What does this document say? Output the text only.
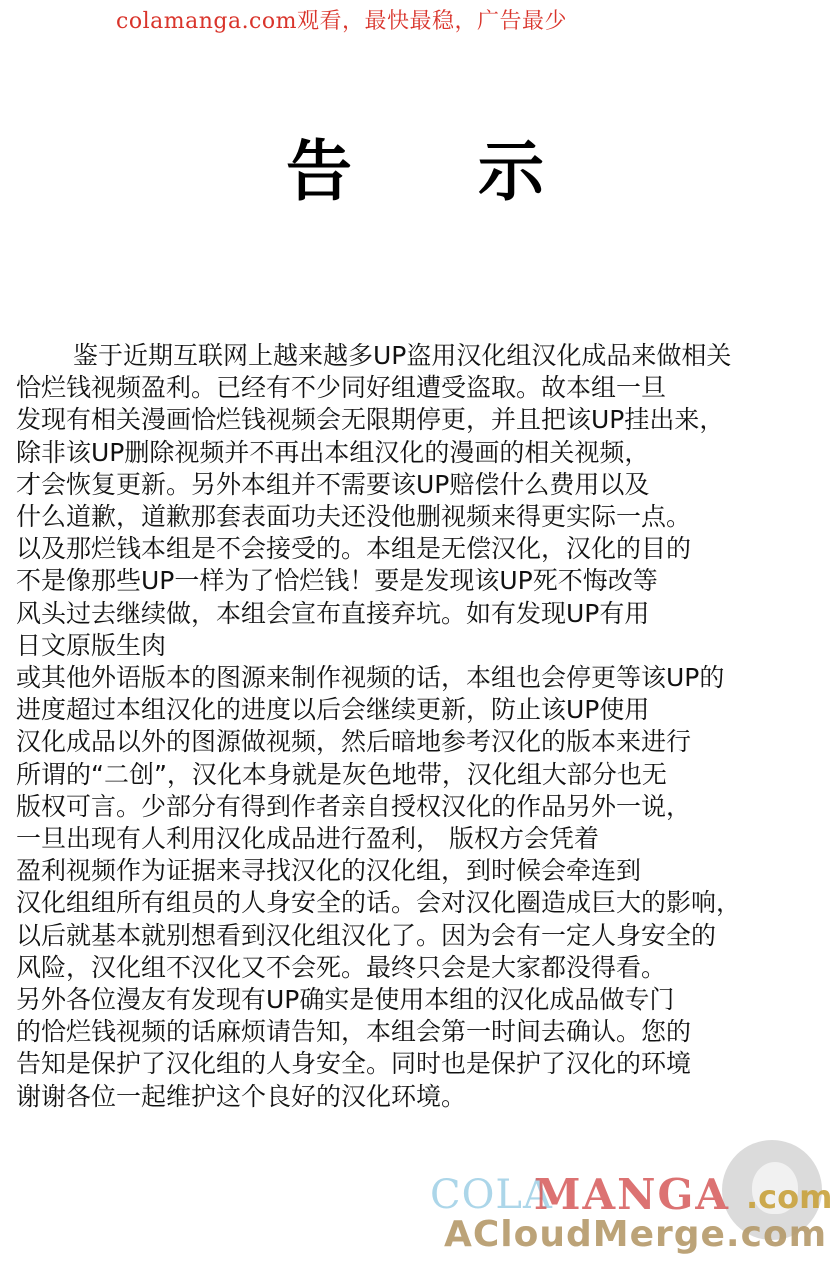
colamanga.com观看，最快最稳，广告最少
告 示
鉴于近期互联网上越来越多UP盗用汉化组汉化成品来做相关
恰烂钱视频盈利。已经有不少同好组遭受盗取。故本组一旦
发现有相关漫画恰烂钱视频会无限期停更，并且把该UP挂出来，
除非该UP删除视频并不再出本组汉化的漫画的相关视频，
才会恢复更新。另外本组并不需要该UP赔偿什么费用以及
什么道歉，道歉那套表面功夫还没他删视频来得更实际一点。
以及那烂钱本组是不会接受的。本组是无偿汉化，汉化的目的
不是像那些UP一样为了恰烂钱！要是发现该UP死不悔改等
风头过去继续做，本组会宣布直接弃坑。如有发现UP有用
日文原版生肉
或其他外语版本的图源来制作视频的话，本组也会停更等该UP的
进度超过本组汉化的进度以后会继续更新，防止该UP使用
汉化成品以外的图源做视频，然后暗地参考汉化的版本来进行
所谓的“二创”，汉化本身就是灰色地带，汉化组大部分也无
版权可言。少部分有得到作者亲自授权汉化的作品另外一说，
一旦出现有人利用汉化成品进行盈利， 版权方会凭着
盈利视频作为证据来寻找汉化的汉化组，到时候会牵连到
汉化组组所有组员的人身安全的话。会对汉化圈造成巨大的影响，
以后就基本就别想看到汉化组汉化了。因为会有一定人身安全的
风险，汉化组不汉化又不会死。最终只会是大家都没得看。
另外各位漫友有发现有UP确实是使用本组的汉化成品做专门
的恰烂钱视频的话麻烦请告知，本组会第一时间去确认。您的
告知是保护了汉化组的人身安全。同时也是保护了汉化的环境
谢谢各位一起维护这个良好的汉化环境。
COLA
MANGA .com
ACloudMerge.com
